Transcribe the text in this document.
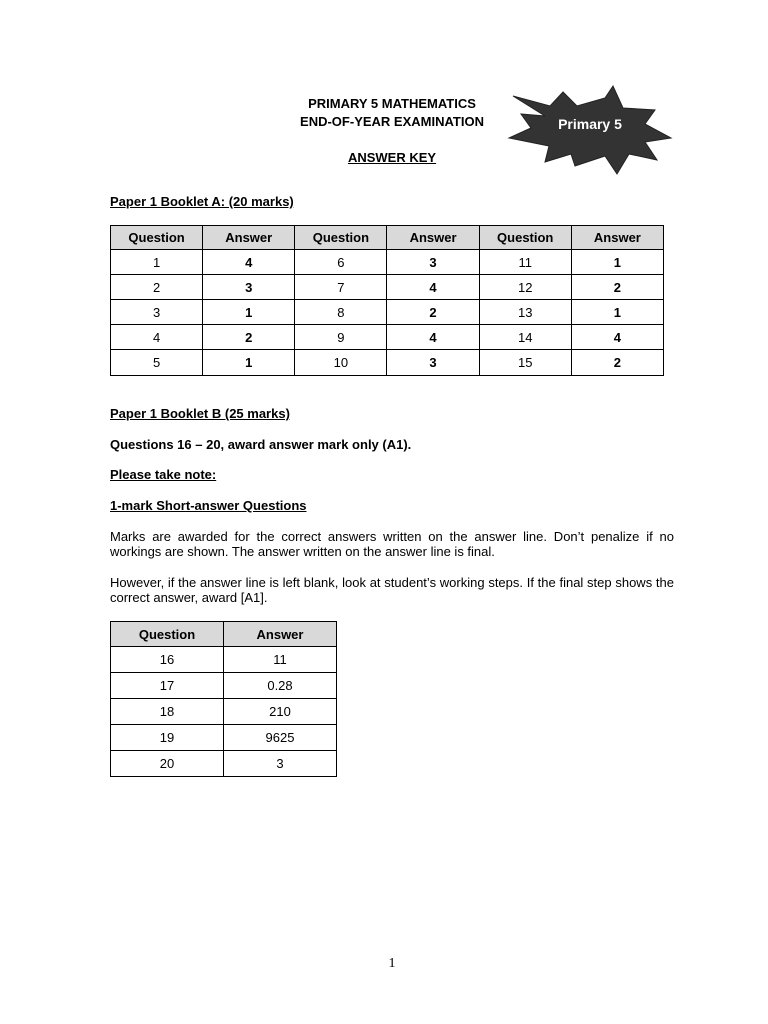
PRIMARY 5 MATHEMATICS
END-OF-YEAR EXAMINATION
ANSWER KEY
Primary 5
Paper 1 Booklet A: (20 marks)
Question	Answer	Question	Answer	Question	Answer
1	4	6	3	11	1
2	3	7	4	12	2
3	1	8	2	13	1
4	2	9	4	14	4
5	1	10	3	15	2
Paper 1 Booklet B (25 marks)
Questions 16 – 20, award answer mark only (A1).
Please take note:
1-mark Short-answer Questions
Marks are awarded for the correct answers written on the answer line. Don’t penalize if no workings are shown. The answer written on the answer line is final.
However, if the answer line is left blank, look at student’s working steps. If the final step shows the correct answer, award [A1].
Question	Answer
16	11
17	0.28
18	210
19	9625
20	3
1
